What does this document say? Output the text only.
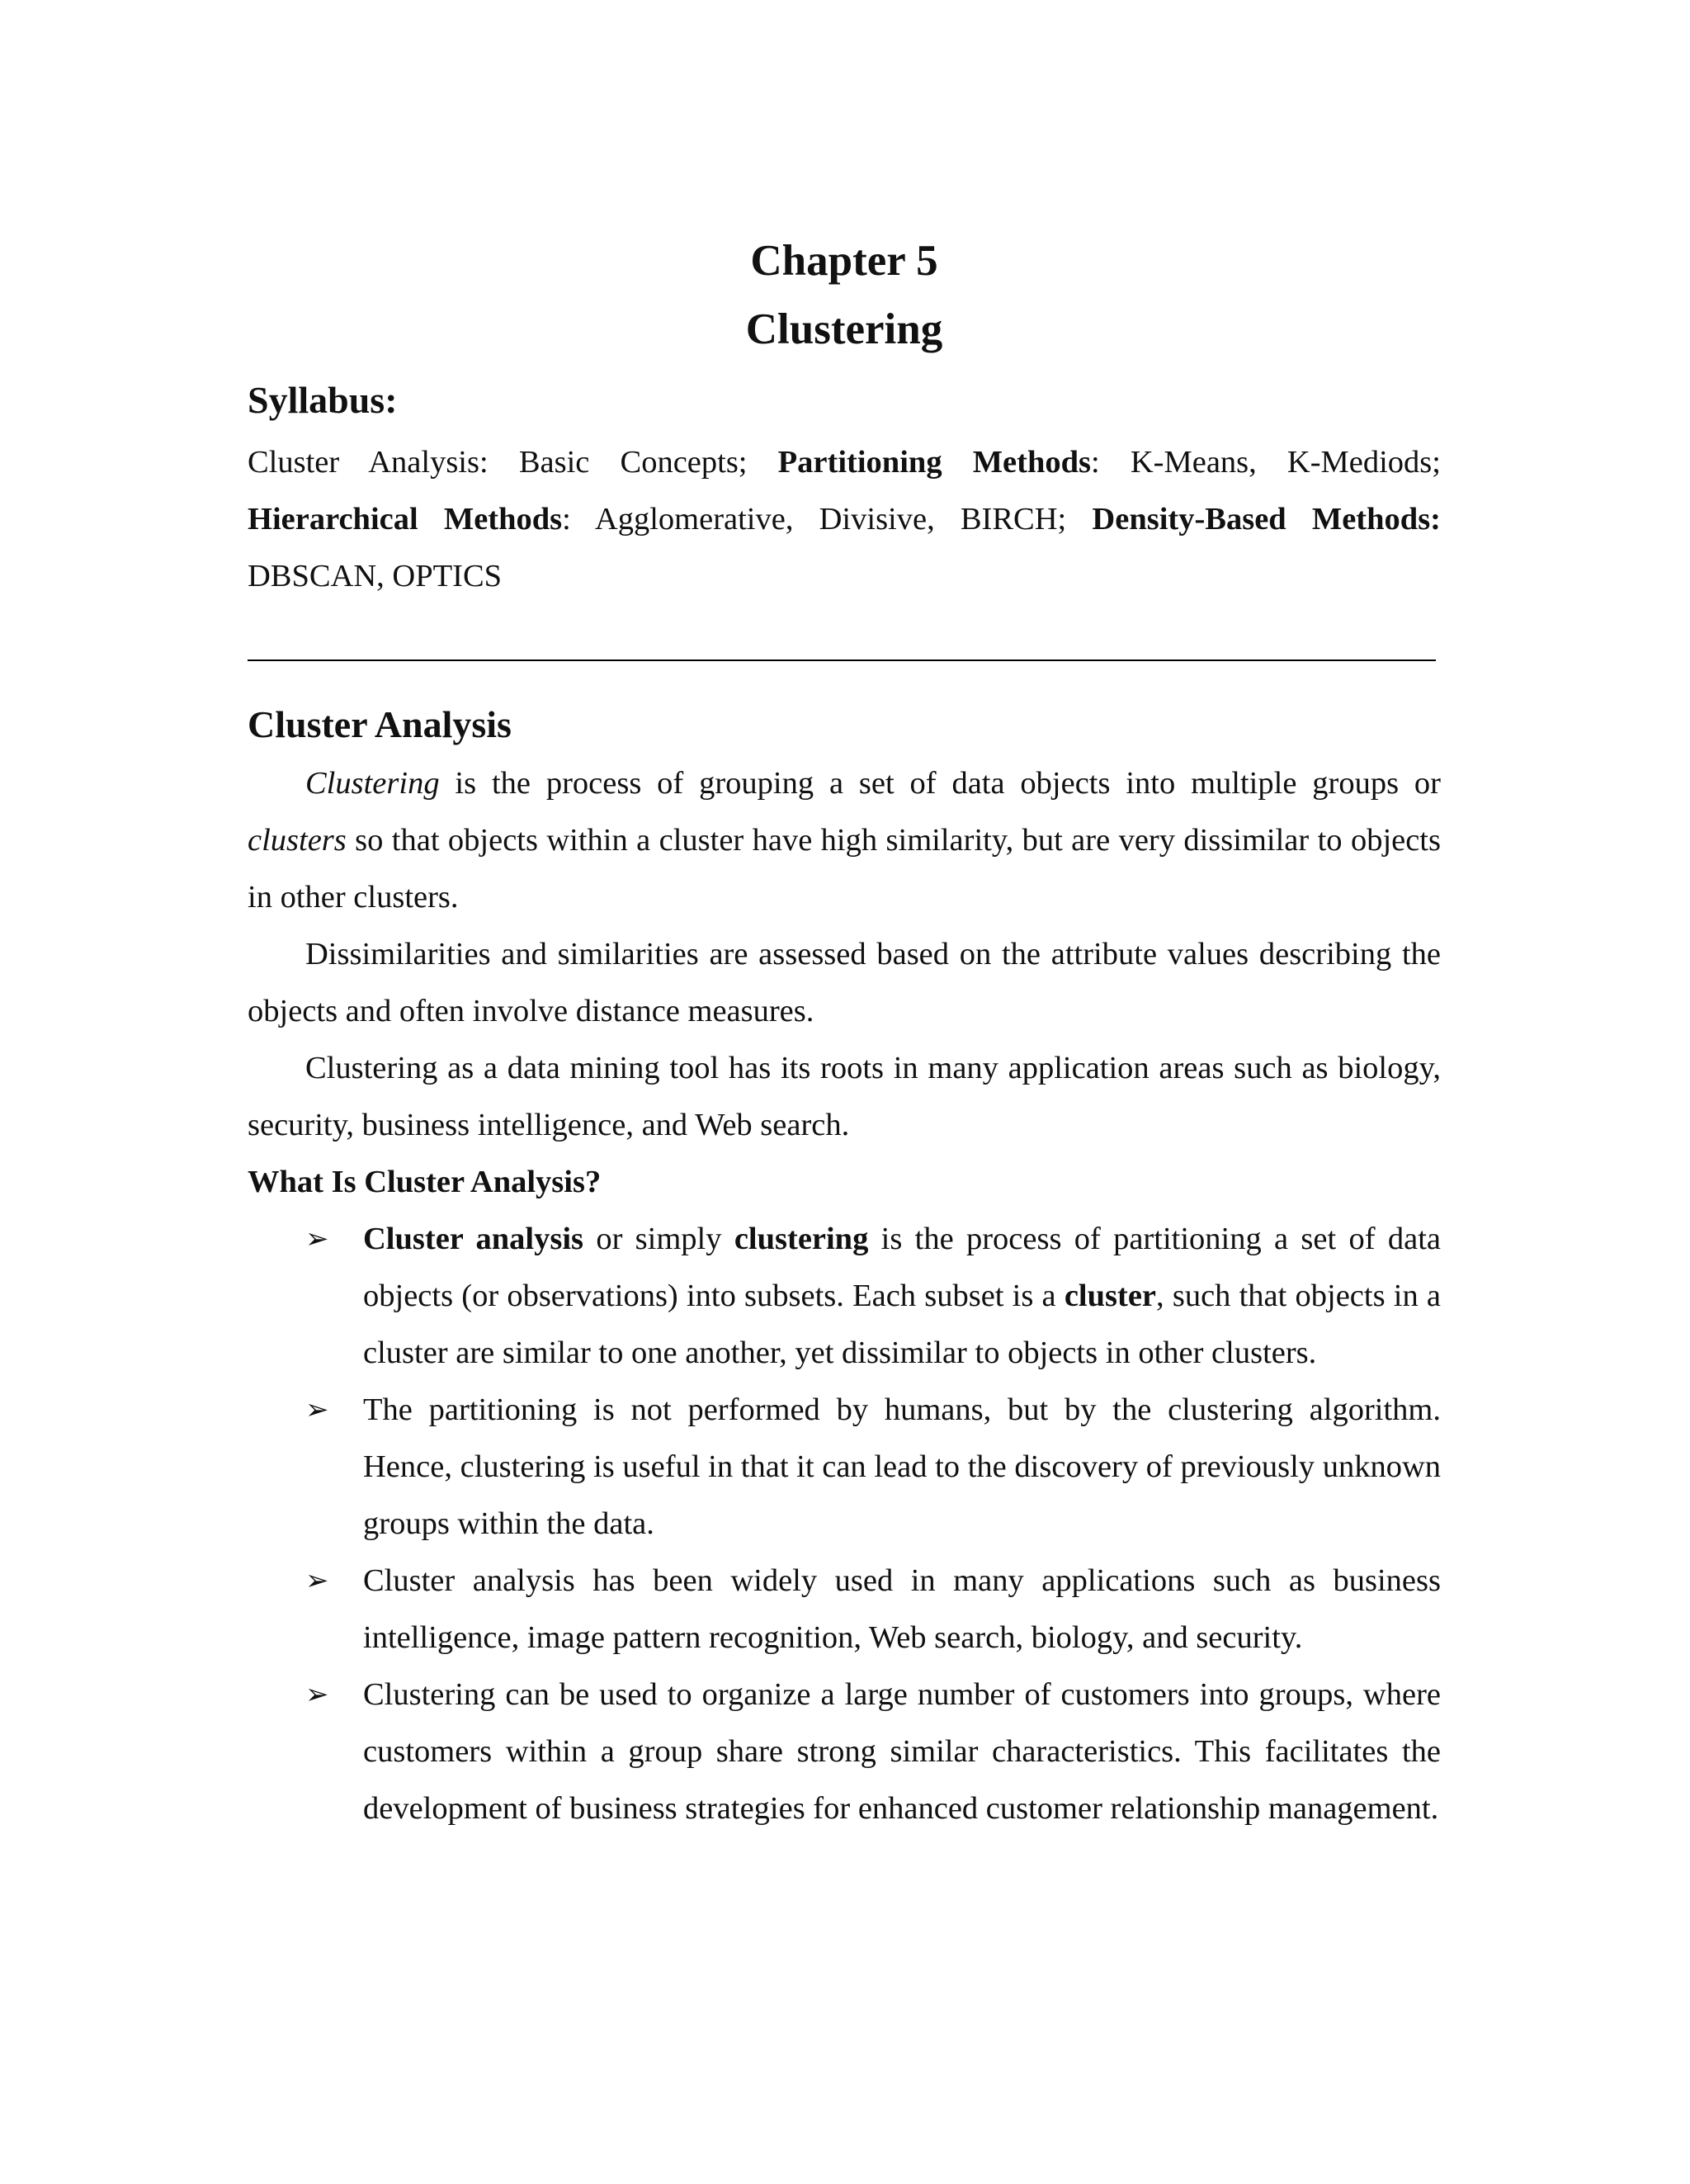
Chapter 5
Clustering
Syllabus:

Cluster Analysis: Basic Concepts; Partitioning Methods: K-Means, K-Mediods; Hierarchical Methods: Agglomerative, Divisive, BIRCH; Density-Based Methods: DBSCAN, OPTICS

Cluster Analysis

Clustering is the process of grouping a set of data objects into multiple groups or clusters so that objects within a cluster have high similarity, but are very dissimilar to objects in other clusters.

Dissimilarities and similarities are assessed based on the attribute values describing the objects and often involve distance measures.

Clustering as a data mining tool has its roots in many application areas such as biology, security, business intelligence, and Web search.

What Is Cluster Analysis?
➢ Cluster analysis or simply clustering is the process of partitioning a set of data objects (or observations) into subsets. Each subset is a cluster, such that objects in a cluster are similar to one another, yet dissimilar to objects in other clusters.
➢ The partitioning is not performed by humans, but by the clustering algorithm. Hence, clustering is useful in that it can lead to the discovery of previously unknown groups within the data.
➢ Cluster analysis has been widely used in many applications such as business intelligence, image pattern recognition, Web search, biology, and security.
➢ Clustering can be used to organize a large number of customers into groups, where customers within a group share strong similar characteristics. This facilitates the development of business strategies for enhanced customer relationship management.
